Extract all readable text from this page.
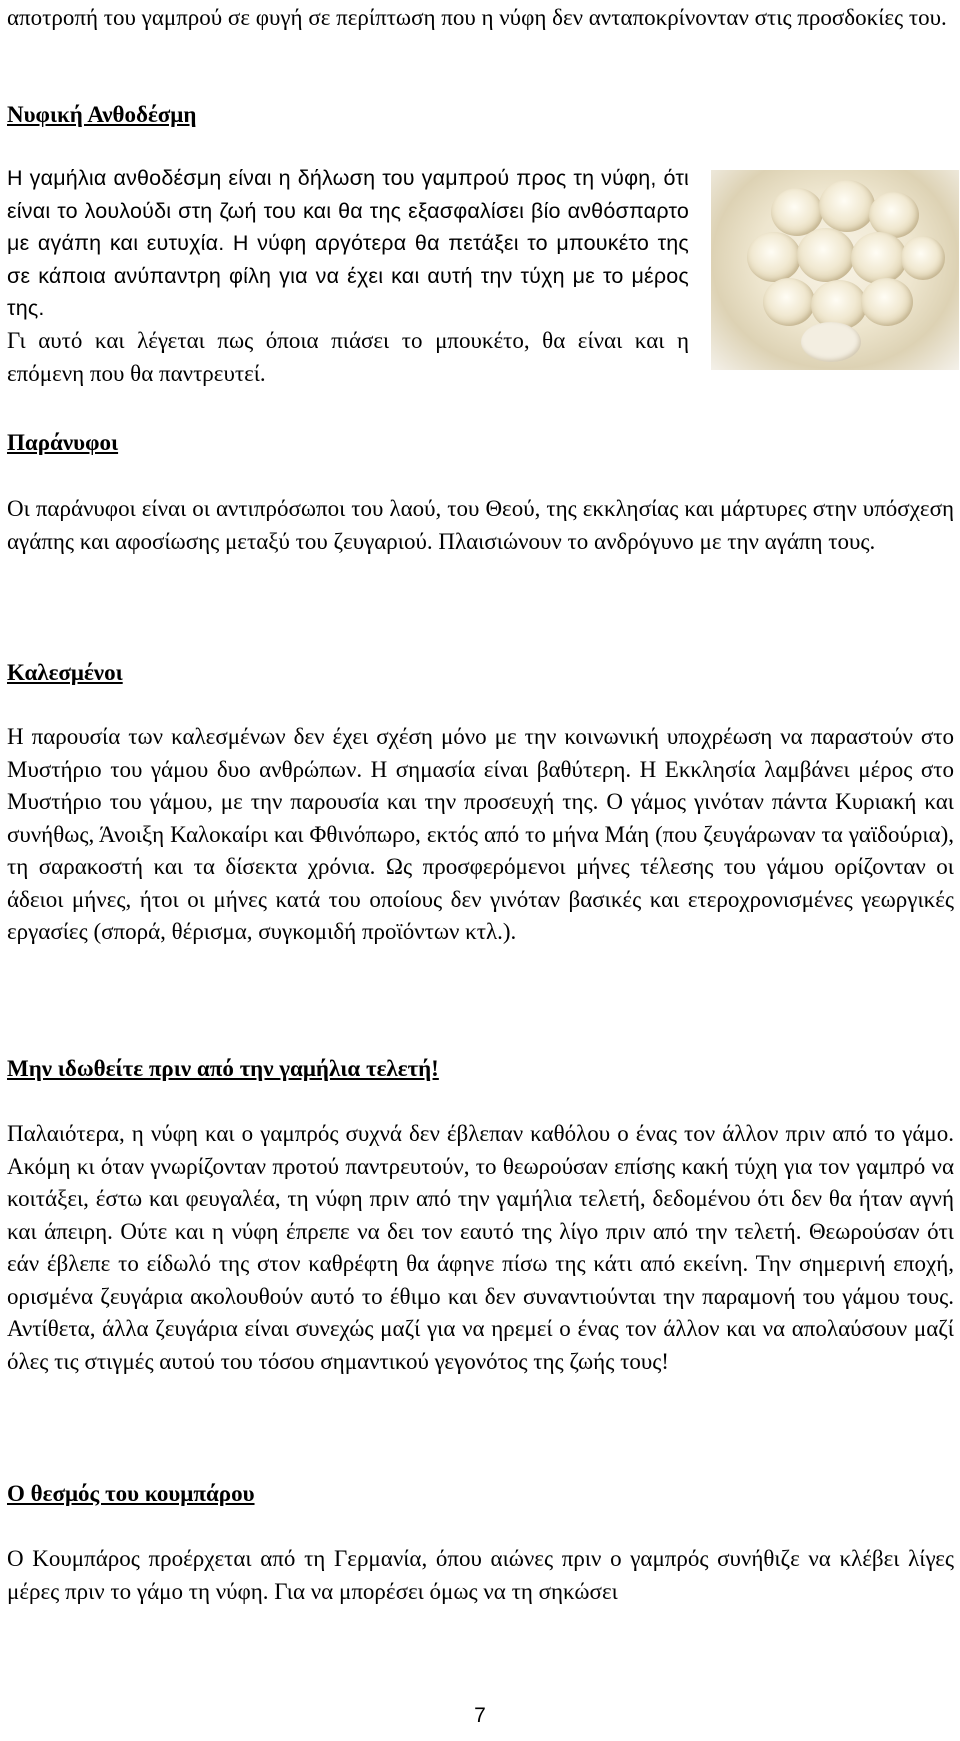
αποτροπή του γαμπρού σε φυγή σε περίπτωση που η νύφη δεν ανταποκρίνονταν στις προσδοκίες του.

Νυφική Ανθοδέσμη

Η γαμήλια ανθοδέσμη είναι η δήλωση του γαμπρού προς τη νύφη, ότι είναι το λουλούδι στη ζωή του και θα της εξασφαλίσει βίο ανθόσπαρτο με αγάπη και ευτυχία. Η νύφη αργότερα θα πετάξει το μπουκέτο της σε κάποια ανύπαντρη φίλη για να έχει και αυτή την τύχη με το μέρος της.

Γι αυτό και λέγεται πως όποια πιάσει το μπουκέτο, θα είναι και η επόμενη που θα παντρευτεί.

Παράνυφοι

Οι παράνυφοι είναι οι αντιπρόσωποι του λαού, του Θεού, της εκκλησίας και μάρτυρες στην υπόσχεση αγάπης και αφοσίωσης μεταξύ του ζευγαριού. Πλαισιώνουν το ανδρόγυνο με την αγάπη τους.

Καλεσμένοι

Η παρουσία των καλεσμένων δεν έχει σχέση μόνο με την κοινωνική υποχρέωση να παραστούν στο Μυστήριο του γάμου δυο ανθρώπων. Η σημασία είναι βαθύτερη. Η Εκκλησία λαμβάνει μέρος στο Μυστήριο του γάμου, με την παρουσία και την προσευχή της. Ο γάμος γινόταν πάντα Κυριακή και συνήθως, Άνοιξη Καλοκαίρι και Φθινόπωρο, εκτός από το μήνα Μάη (που ζευγάρωναν τα γαϊδούρια), τη σαρακοστή και τα δίσεκτα χρόνια. Ως προσφερόμενοι μήνες τέλεσης του γάμου ορίζονταν οι άδειοι μήνες, ήτοι οι μήνες κατά του οποίους δεν γινόταν βασικές και ετεροχρονισμένες γεωργικές εργασίες (σπορά, θέρισμα, συγκομιδή προϊόντων κτλ.).

Μην ιδωθείτε πριν από την γαμήλια τελετή!

Παλαιότερα, η νύφη και ο γαμπρός συχνά δεν έβλεπαν καθόλου ο ένας τον άλλον πριν από το γάμο. Ακόμη κι όταν γνωρίζονταν προτού παντρευτούν, το θεωρούσαν επίσης κακή τύχη για τον γαμπρό να κοιτάξει, έστω και φευγαλέα, τη νύφη πριν από την γαμήλια τελετή, δεδομένου ότι δεν θα ήταν αγνή και άπειρη. Ούτε και η νύφη έπρεπε να δει τον εαυτό της λίγο πριν από την τελετή. Θεωρούσαν ότι εάν έβλεπε το είδωλό της στον καθρέφτη θα άφηνε πίσω της κάτι από εκείνη. Την σημερινή εποχή, ορισμένα ζευγάρια ακολουθούν αυτό το έθιμο και δεν συναντιούνται την παραμονή του γάμου τους. Αντίθετα, άλλα ζευγάρια είναι συνεχώς μαζί για να ηρεμεί ο ένας τον άλλον και να απολαύσουν μαζί όλες τις στιγμές αυτού του τόσου σημαντικού γεγονότος της ζωής τους!

Ο θεσμός του κουμπάρου

Ο Κουμπάρος προέρχεται από τη Γερμανία, όπου αιώνες πριν ο γαμπρός συνήθιζε να κλέβει λίγες μέρες πριν το γάμο τη νύφη. Για να μπορέσει όμως να τη σηκώσει

7
